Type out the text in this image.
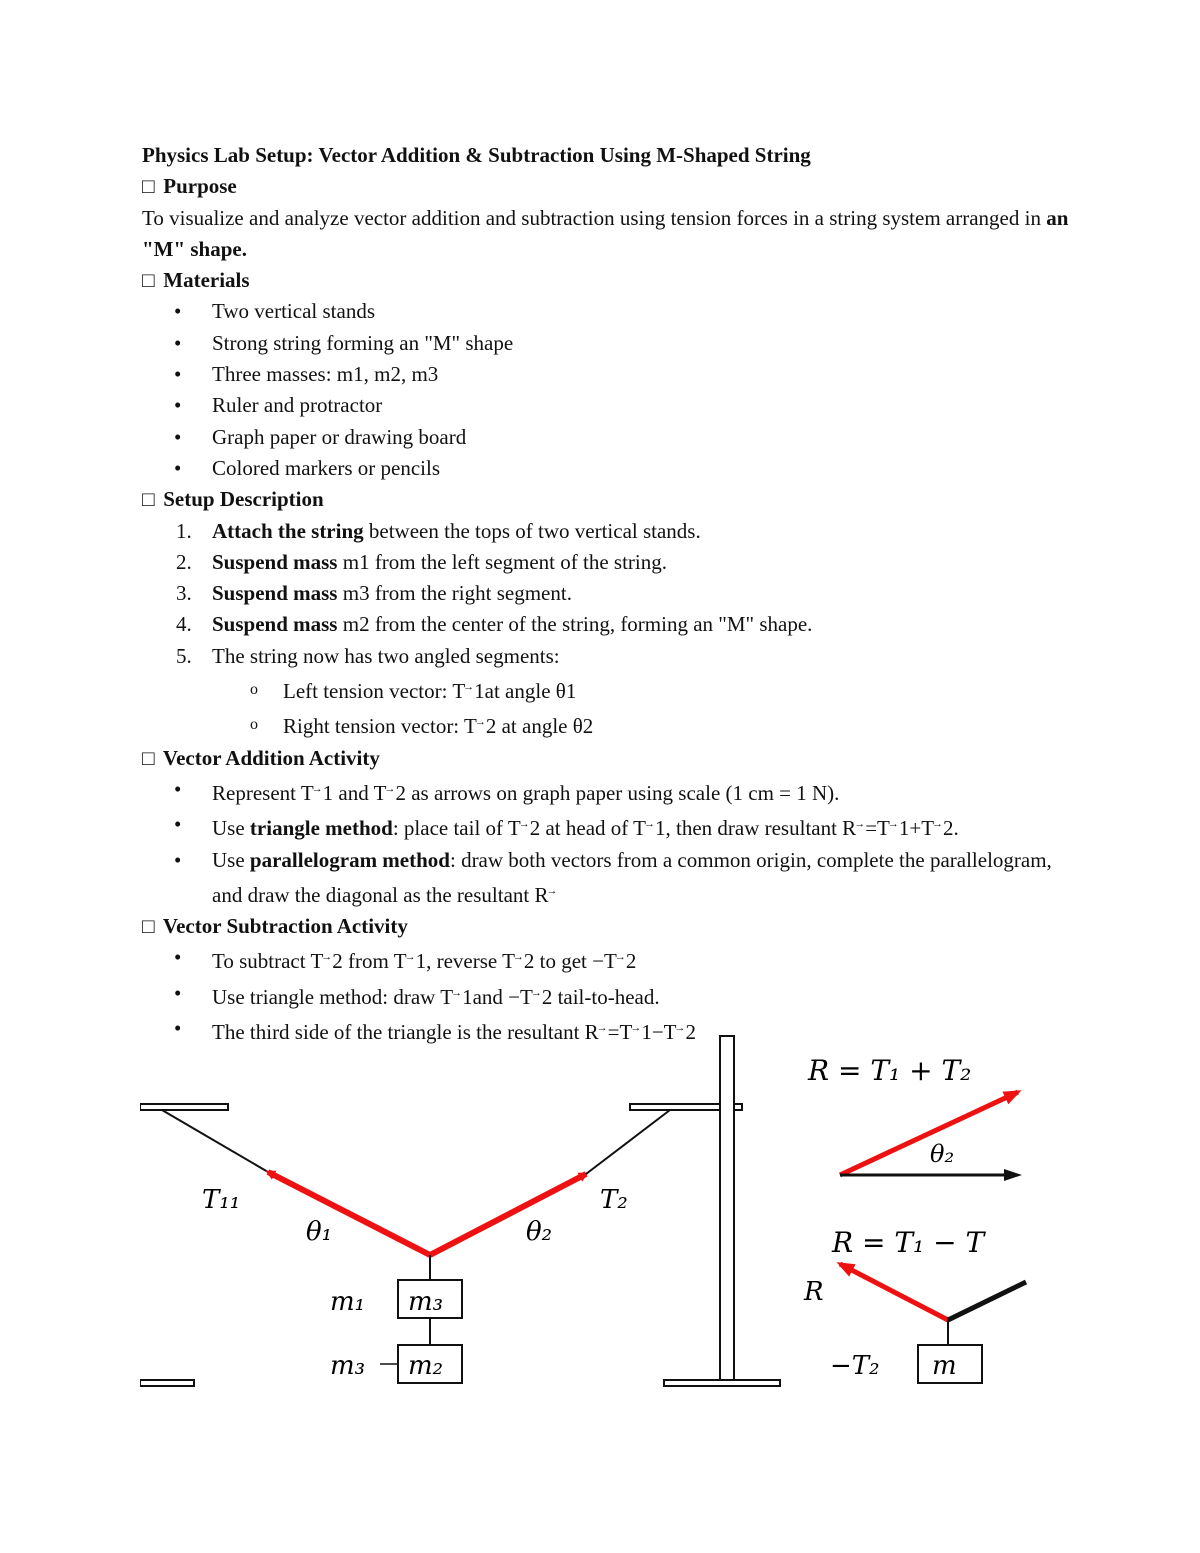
Physics Lab Setup: Vector Addition & Subtraction Using M-Shaped String

□ Purpose

To visualize and analyze vector addition and subtraction using tension forces in a string system arranged in an "M" shape.

□ Materials

• Two vertical stands
• Strong string forming an "M" shape
• Three masses: m1, m2, m3
• Ruler and protractor
• Graph paper or drawing board
• Colored markers or pencils

□ Setup Description

1. Attach the string between the tops of two vertical stands.
2. Suspend mass m1 from the left segment of the string.
3. Suspend mass m3 from the right segment.
4. Suspend mass m2 from the center of the string, forming an "M" shape.
5. The string now has two angled segments:
o Left tension vector: T→1at angle θ1
o Right tension vector: T→2 at angle θ2

□ Vector Addition Activity

• Represent T→1 and T→2 as arrows on graph paper using scale (1 cm = 1 N).
• Use triangle method: place tail of T→2 at head of T→1, then draw resultant R→=T→1+T→2.
• Use parallelogram method: draw both vectors from a common origin, complete the parallelogram, and draw the diagonal as the resultant R→

□ Vector Subtraction Activity

• To subtract T→2 from T→1, reverse T→2 to get −T→2
• Use triangle method: draw T→1and −T→2 tail-to-head.
• The third side of the triangle is the resultant R→=T→1−T→2
T₁₁	T₂
θ₁	θ₂
m₁ m₃
m₃ m₂
R = T₁ + T₂
θ₂
R = T₁ − T
R
m
−T₂
